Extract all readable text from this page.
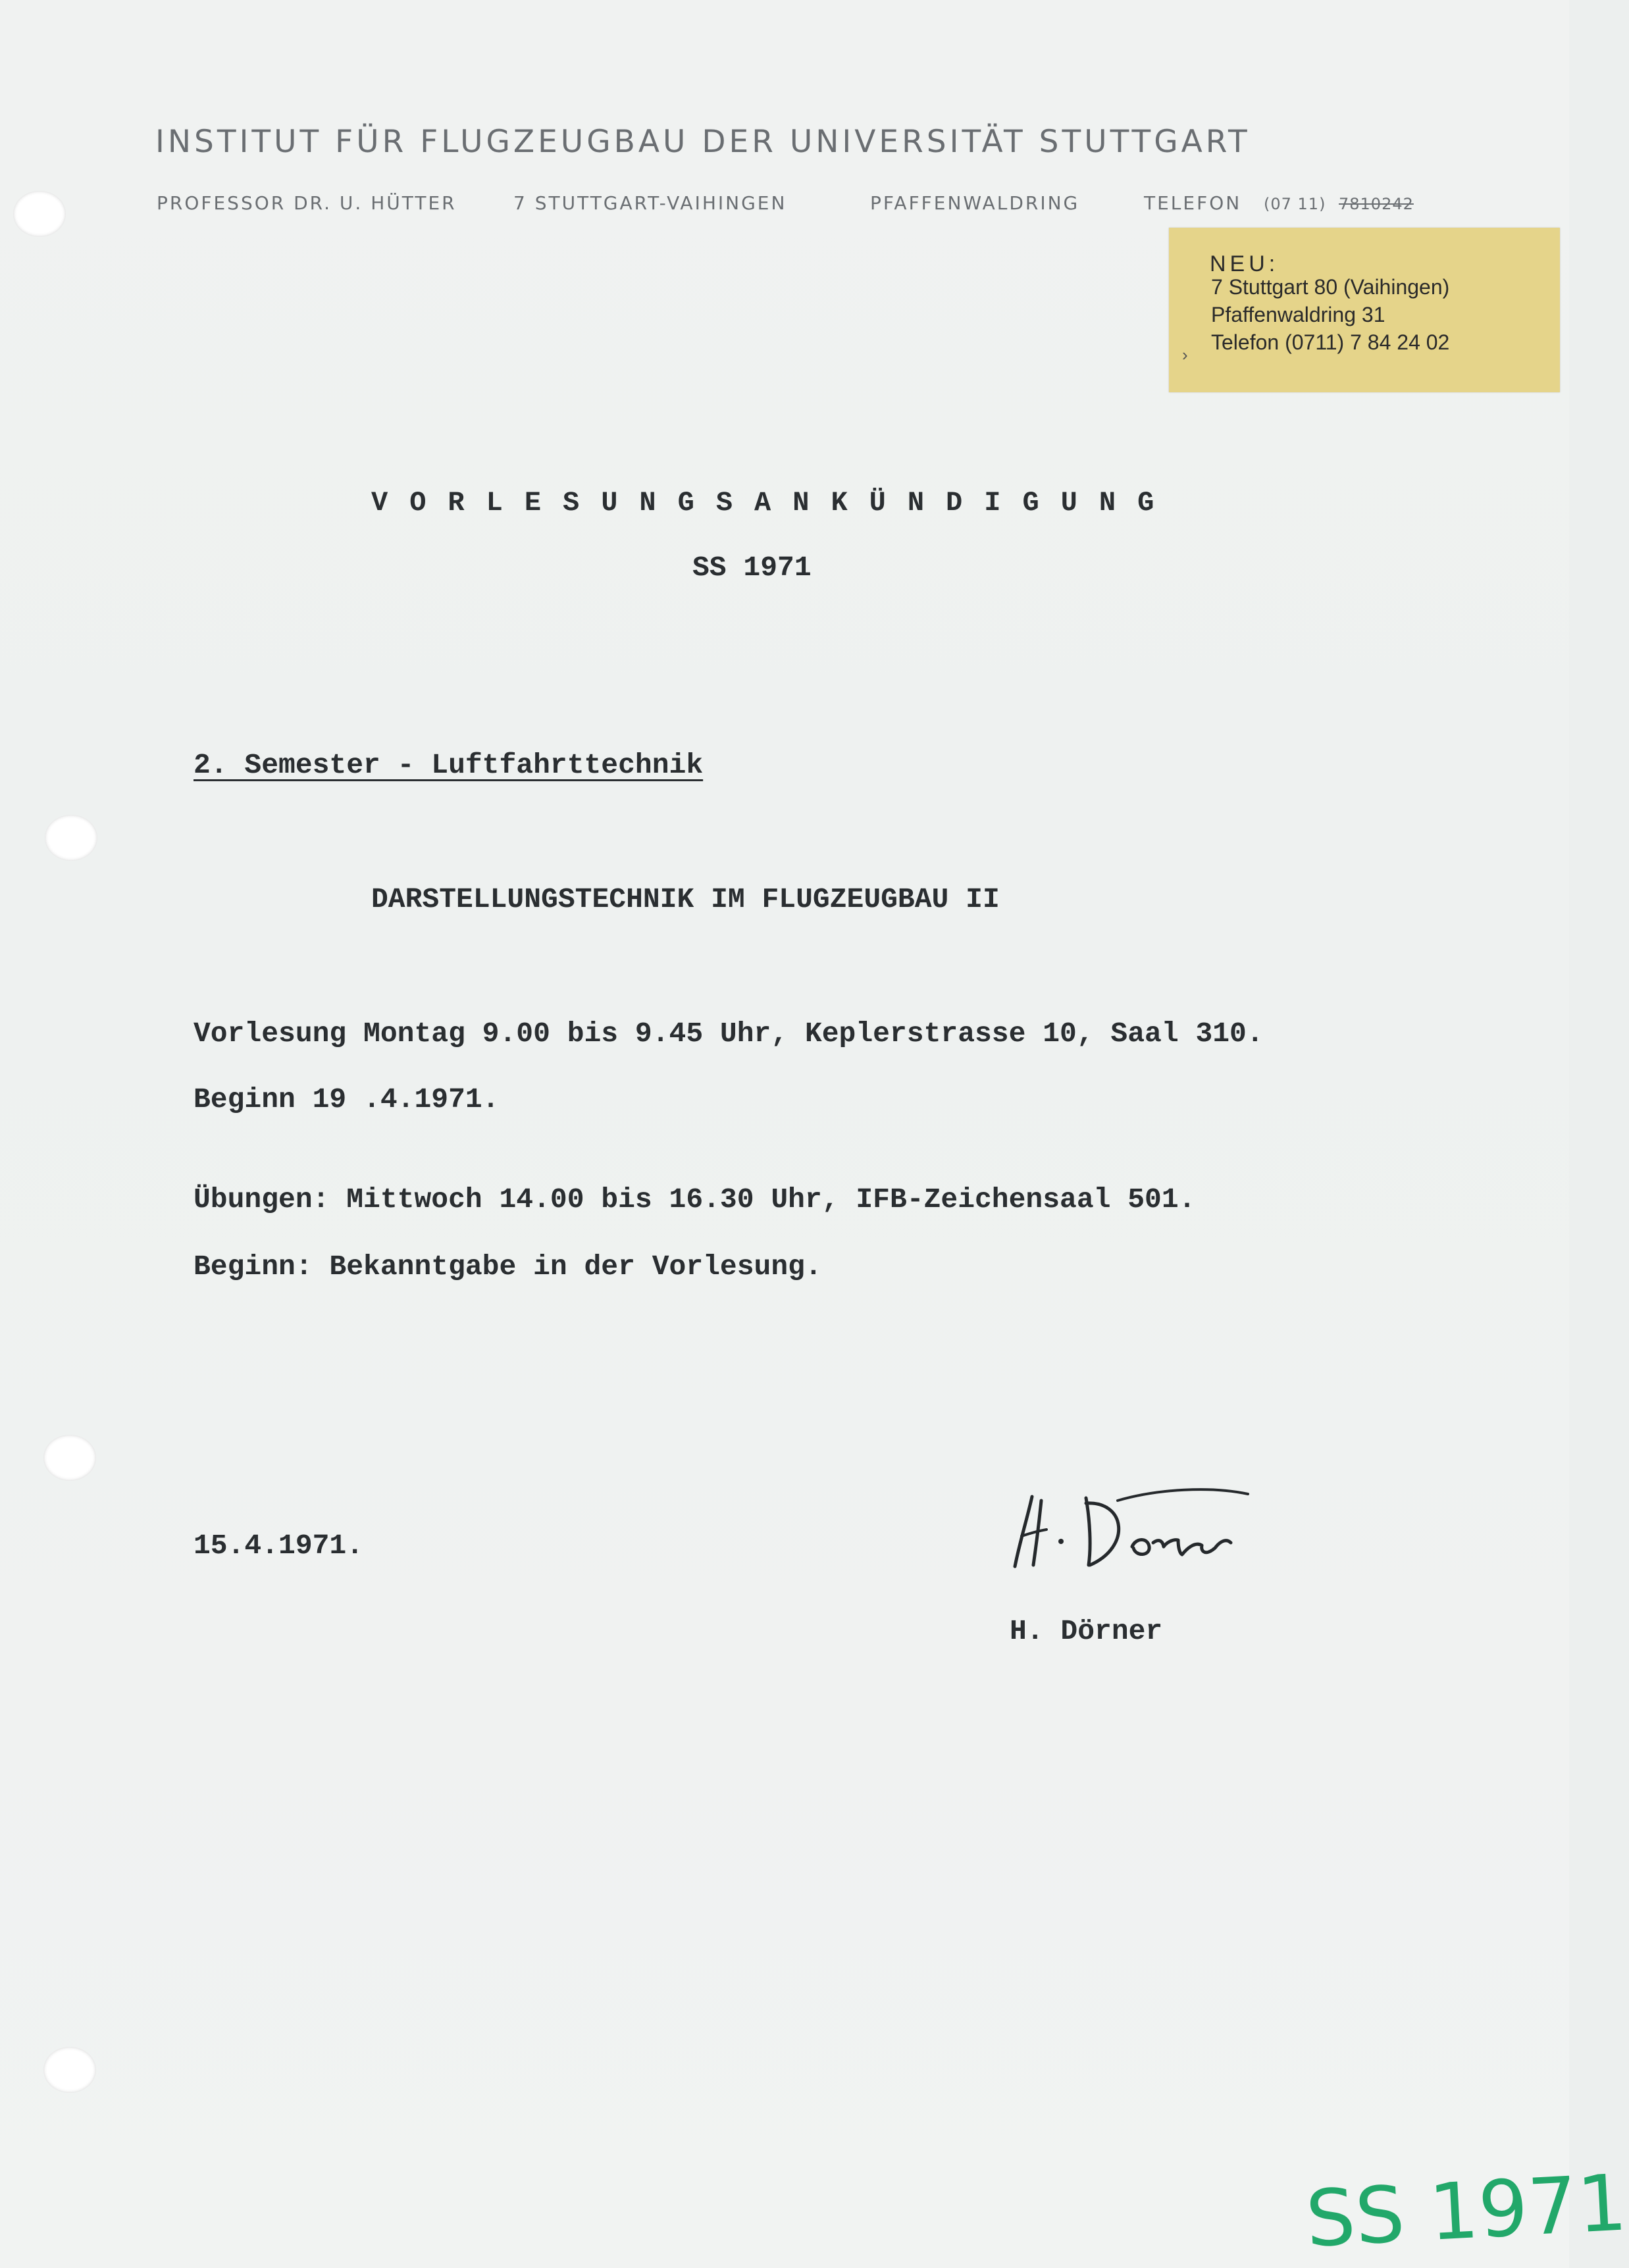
INSTITUT FÜR FLUGZEUGBAU DER UNIVERSITÄT STUTTGART
PROFESSOR DR. U. HÜTTER	7 STUTTGART-VAIHINGEN	PFAFFENWALDRING	TELEFON (07 11) 7810242
NEU:
7 Stuttgart 80 (Vaihingen)
Pfaffenwaldring 31
Telefon (0711) 7 84 24 02
›
VORLESUNGSANKÜNDIGUNG
SS 1971
2. Semester - Luftfahrttechnik
DARSTELLUNGSTECHNIK IM FLUGZEUGBAU II
Vorlesung Montag 9.00 bis 9.45 Uhr, Keplerstrasse 10, Saal 310.
Beginn 19 .4.1971.
Übungen: Mittwoch 14.00 bis 16.30 Uhr, IFB-Zeichensaal 501.
Beginn: Bekanntgabe in der Vorlesung.
15.4.1971.
H. Dörner
SS 1971
